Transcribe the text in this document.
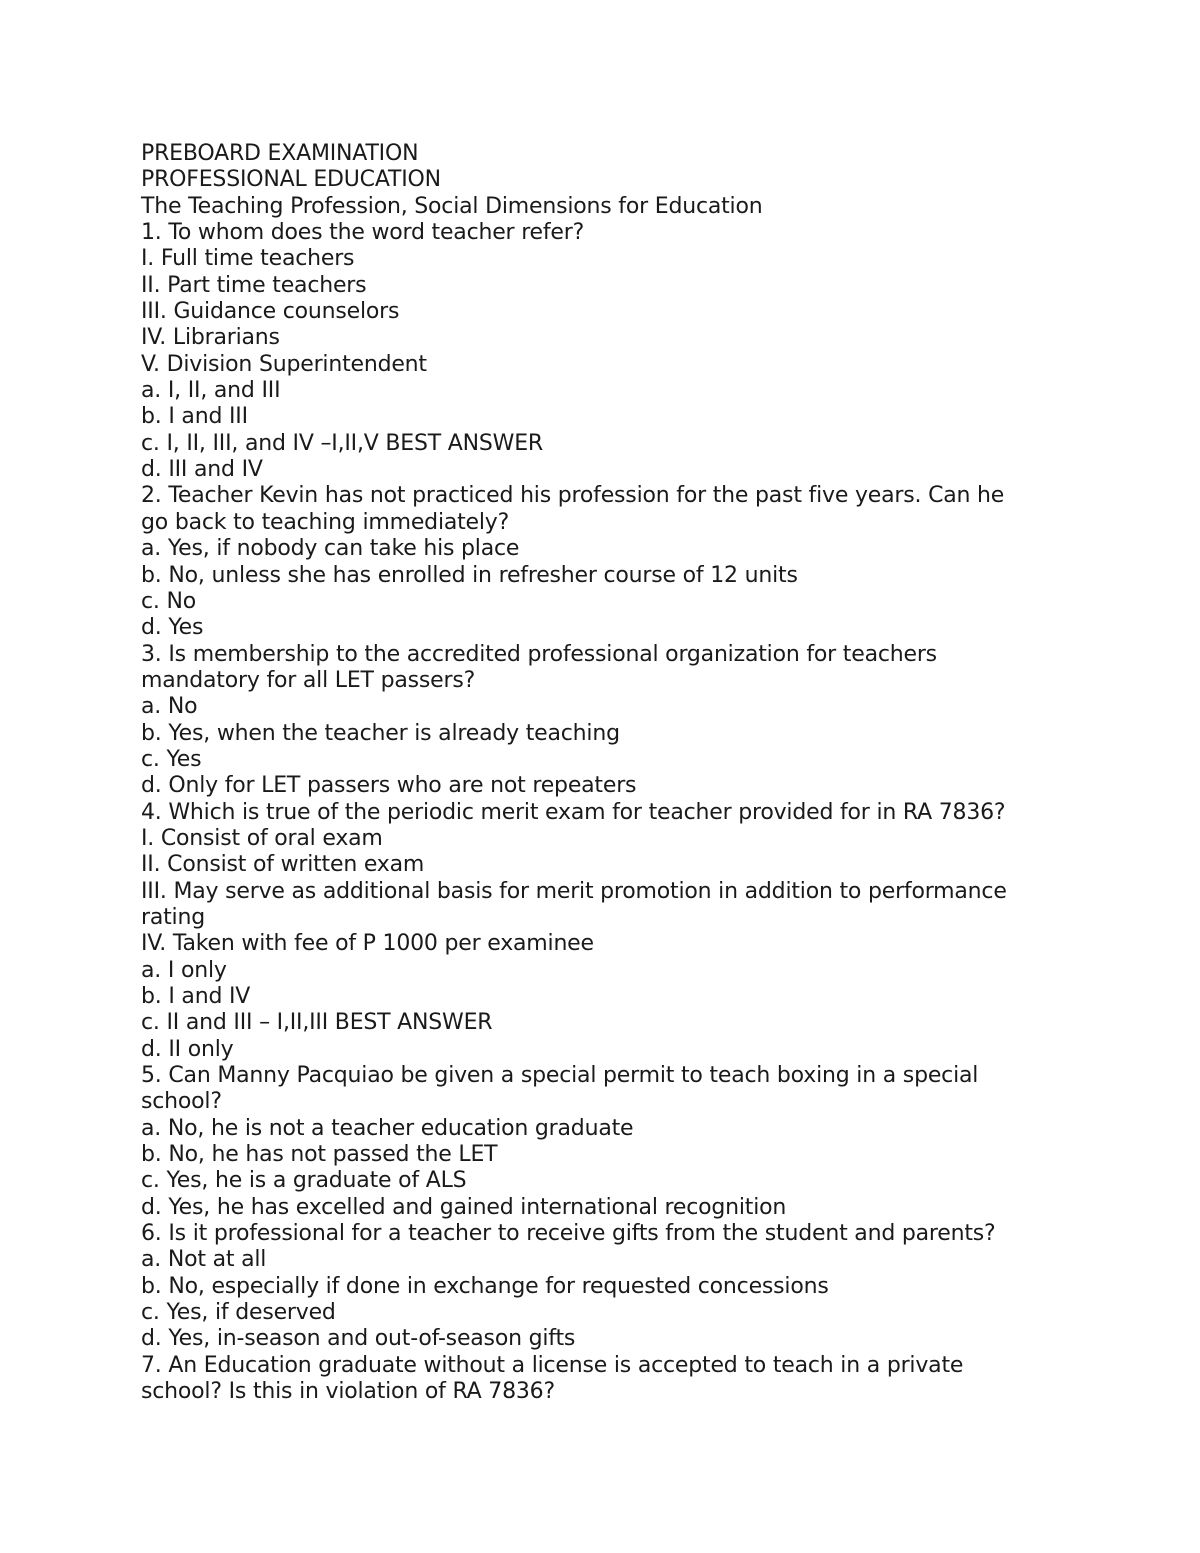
PREBOARD EXAMINATION

PROFESSIONAL EDUCATION

The Teaching Profession, Social Dimensions for Education

1. To whom does the word teacher refer?

I. Full time teachers

II. Part time teachers

III. Guidance counselors

IV. Librarians

V. Division Superintendent

a. I, II, and III

b. I and III

c. I, II, III, and IV –I,II,V BEST ANSWER

d. III and IV

2. Teacher Kevin has not practiced his profession for the past five years. Can he

go back to teaching immediately?

a. Yes, if nobody can take his place

b. No, unless she has enrolled in refresher course of 12 units

c. No

d. Yes

3. Is membership to the accredited professional organization for teachers

mandatory for all LET passers?

a. No

b. Yes, when the teacher is already teaching

c. Yes

d. Only for LET passers who are not repeaters

4. Which is true of the periodic merit exam for teacher provided for in RA 7836?

I. Consist of oral exam

II. Consist of written exam

III. May serve as additional basis for merit promotion in addition to performance

rating

IV. Taken with fee of P 1000 per examinee

a. I only

b. I and IV

c. II and III – I,II,III BEST ANSWER

d. II only

5. Can Manny Pacquiao be given a special permit to teach boxing in a special

school?

a. No, he is not a teacher education graduate

b. No, he has not passed the LET

c. Yes, he is a graduate of ALS

d. Yes, he has excelled and gained international recognition

6. Is it professional for a teacher to receive gifts from the student and parents?

a. Not at all

b. No, especially if done in exchange for requested concessions

c. Yes, if deserved

d. Yes, in-season and out-of-season gifts

7. An Education graduate without a license is accepted to teach in a private

school? Is this in violation of RA 7836?
